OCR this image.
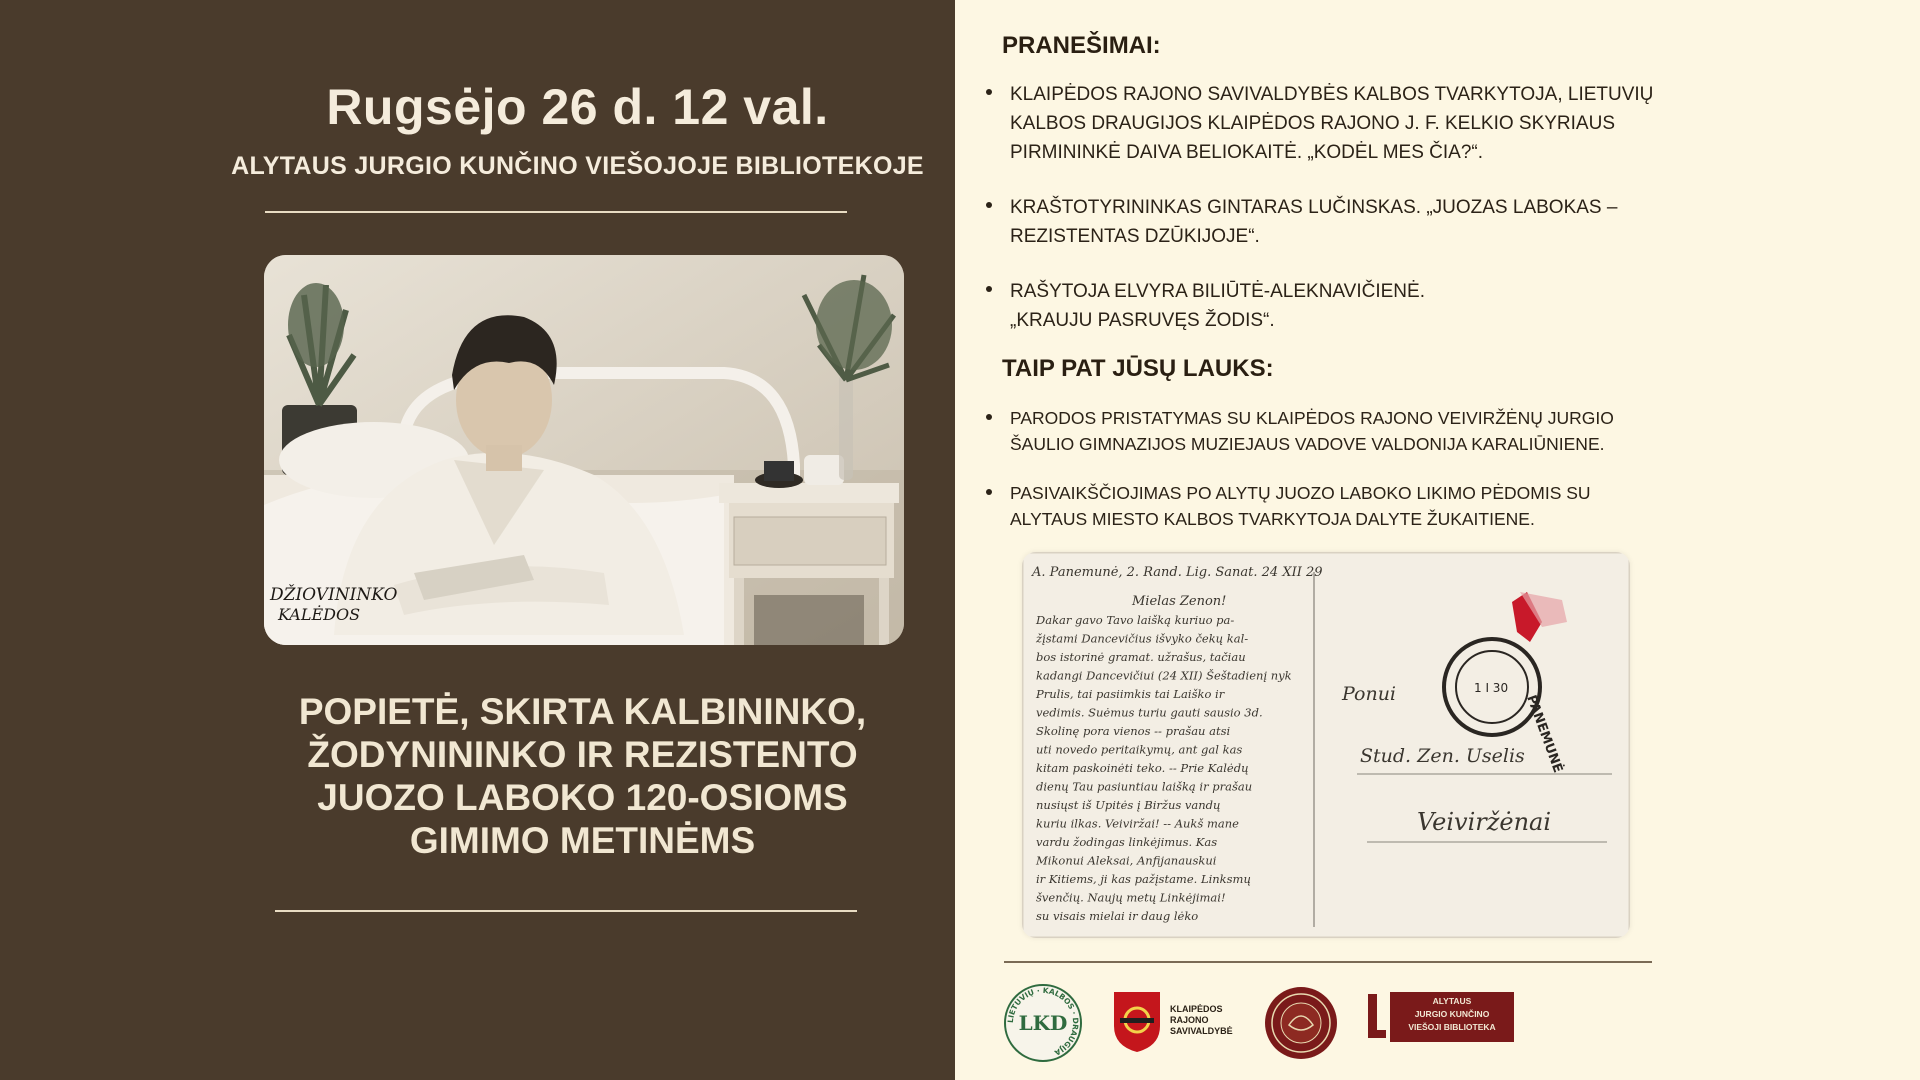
Rugsėjo 26 d. 12 val.
ALYTAUS JURGIO KUNČINO VIEŠOJOJE BIBLIOTEKOJE
DŽIOVININKO
KALĖDOS
POPIETĖ, SKIRTA KALBININKO,
ŽODYNININKO IR REZISTENTO
JUOZO LABOKO 120-OSIOMS
GIMIMO METINĖMS
PRANEŠIMAI:
KLAIPĖDOS RAJONO SAVIVALDYBĖS KALBOS TVARKYTOJA, LIETUVIŲ
KALBOS DRAUGIJOS KLAIPĖDOS RAJONO J. F. KELKIO SKYRIAUS
PIRMININKĖ DAIVA BELIOKAITĖ. „KODĖL MES ČIA?“.
KRAŠTOTYRININKAS GINTARAS LUČINSKAS. „JUOZAS LABOKAS –
REZISTENTAS DZŪKIJOJE“.
RAŠYTOJA ELVYRA BILIŪTĖ-ALEKNAVIČIENĖ.
„KRAUJU PASRUVĘS ŽODIS“.
TAIP PAT JŪSŲ LAUKS:
PARODOS PRISTATYMAS SU KLAIPĖDOS RAJONO VEIVIRŽĖNŲ JURGIO
ŠAULIO GIMNAZIJOS MUZIEJAUS VADOVE VALDONIJA KARALIŪNIENE.
PASIVAIKŠČIOJIMAS PO ALYTŲ JUOZO LABOKO LIKIMO PĖDOMIS SU
ALYTAUS MIESTO KALBOS TVARKYTOJA DALYTE ŽUKAITIENE.
A. Panemunė, 2. Rand. Lig. Sanat. 24 XII 29
Mielas Zenon!
Dakar gavo Tavo laišką kuriuo pa-
žįstami Dancevičius išvyko čekų kal-
bos istorinė gramat. užrašus, tačiau
kadangi Dancevičiui (24 XII) Šeštadienį nyk
Prulis, tai pasiimkis tai Laiško ir
vedimis. Suėmus turiu gauti sausio 3d.
Skolinę pora vienos -- prašau atsi
uti novedo peritaikymų, ant gal kas
kitam paskoinėti teko. -- Prie Kalėdų
dienų Tau pasiuntiau laišką ir prašau
nusiųst iš Upitės į Biržus vandų
kuriu ilkas. Veiviržai! -- Aukš mane
vardu žodingas linkėjimus. Kas
Mikonui Aleksai, Anfijanauskui
ir Kitiems, ji kas pažįstame. Linksmų
švenčių. Naujų metų Linkėjimai!
su visais mielai ir daug lėko
Ponui
Stud. Zen. Uselis
Veiviržėnai
PANEMUNĖ
1 I 30
LIETUVIŲ · KALBOS · DRAUGIJA
LKD
KLAIPĖDOS
RAJONO
SAVIVALDYBĖ
ALYTAUS
JURGIO KUNČINO
VIEŠOJI BIBLIOTEKA
